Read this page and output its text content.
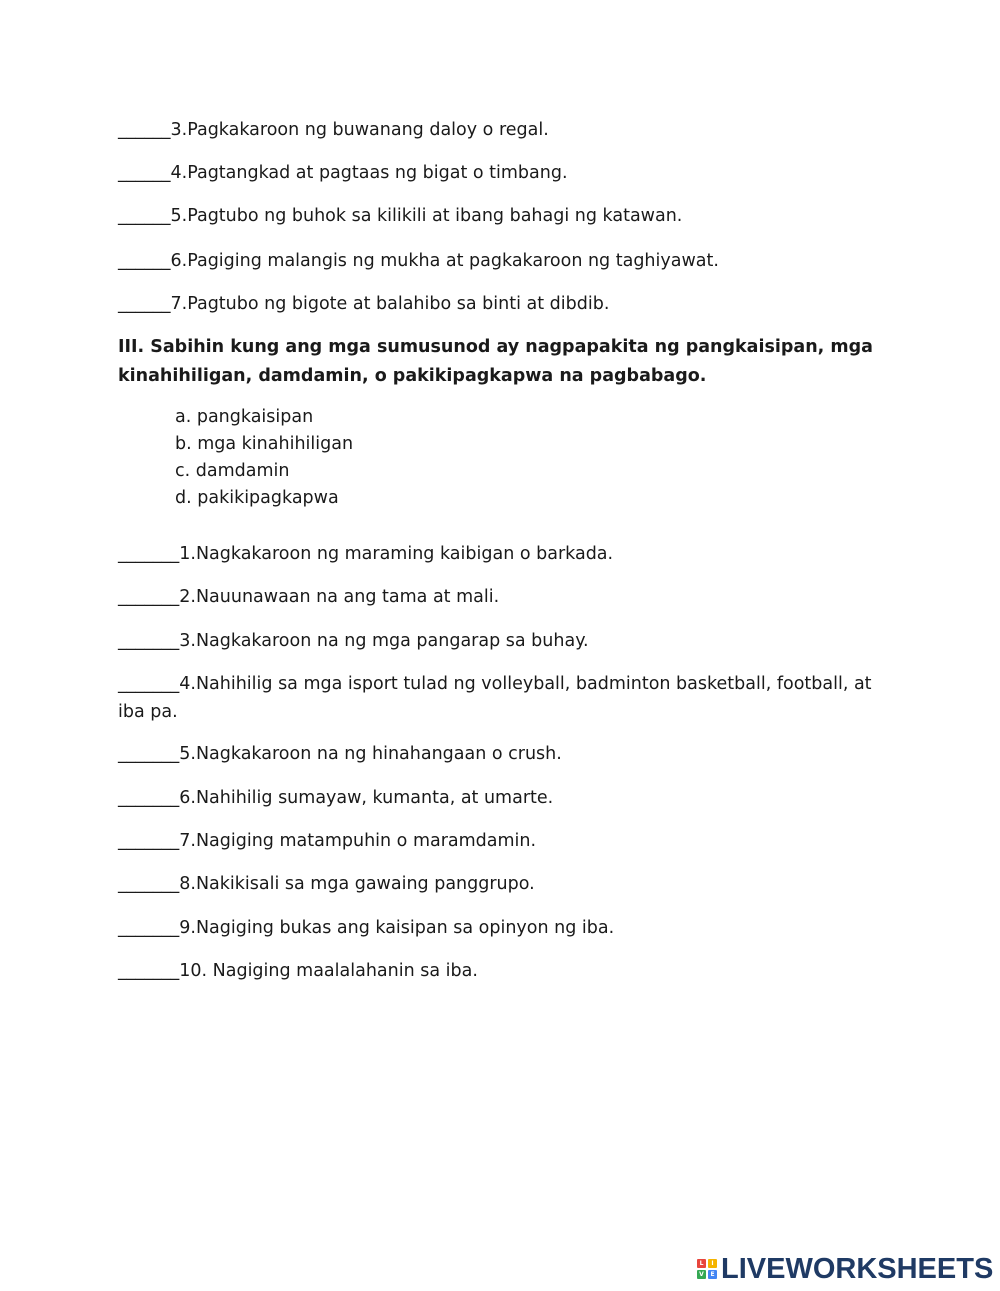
______3.Pagkakaroon ng buwanang daloy o regal.
______4.Pagtangkad at pagtaas ng bigat o timbang.
______5.Pagtubo ng buhok sa kilikili at ibang bahagi ng katawan.
______6.Pagiging malangis ng mukha at pagkakaroon ng taghiyawat.
______7.Pagtubo ng bigote at balahibo sa binti at dibdib.
III. Sabihin kung ang mga sumusunod ay nagpapakita ng pangkaisipan, mga kinahihiligan, damdamin, o pakikipagkapwa na pagbabago.
a. pangkaisipan
b. mga kinahihiligan
c. damdamin
d. pakikipagkapwa
_______1.Nagkakaroon ng maraming kaibigan o barkada.
_______2.Nauunawaan na ang tama at mali.
_______3.Nagkakaroon na ng mga pangarap sa buhay.
_______4.Nahihilig sa mga isport tulad ng volleyball, badminton basketball, football, at iba pa.
_______5.Nagkakaroon na ng hinahangaan o crush.
_______6.Nahihilig sumayaw, kumanta, at umarte.
_______7.Nagiging matampuhin o maramdamin.
_______8.Nakikisali sa mga gawaing panggrupo.
_______9.Nagiging bukas ang kaisipan sa opinyon ng iba.
_______10. Nagiging maalalahanin sa iba.
L	I
V	E LIVEWORKSHEETS
